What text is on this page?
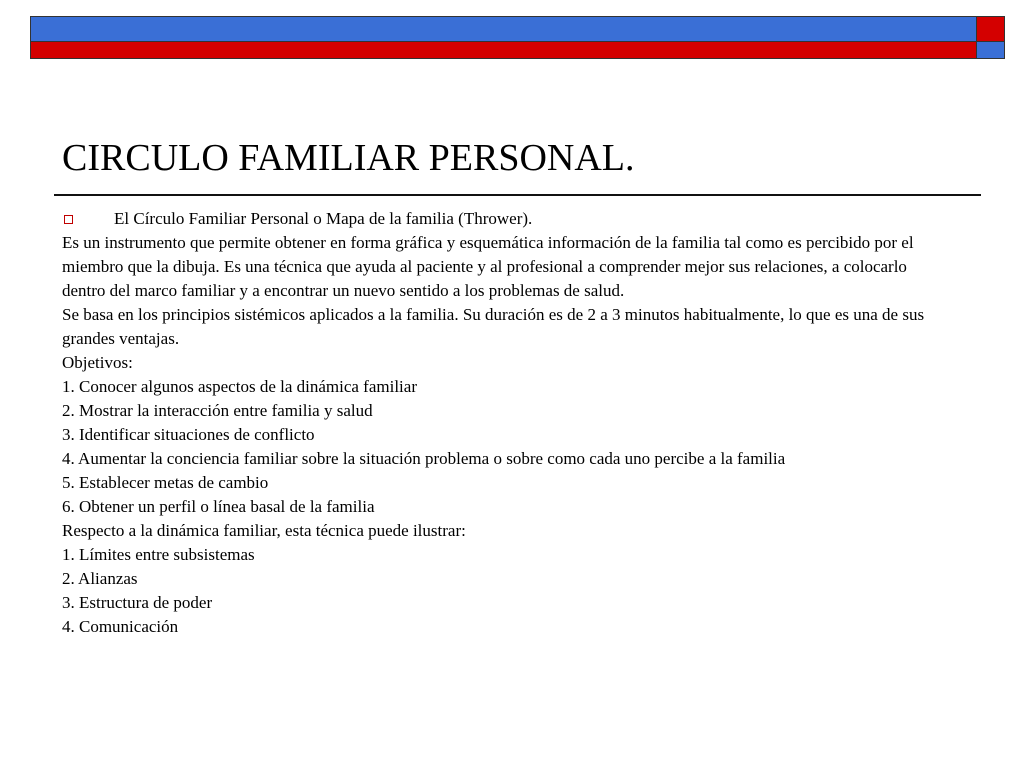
CIRCULO FAMILIAR PERSONAL.
El Círculo Familiar Personal o Mapa de la familia (Thrower).

Es un instrumento que permite obtener en forma gráfica y esquemática información de la familia tal como es percibido por el miembro que la dibuja. Es una técnica que ayuda al paciente y al profesional a comprender mejor sus relaciones, a colocarlo dentro del marco familiar y a encontrar un nuevo sentido a los problemas de salud.

Se basa en los principios sistémicos aplicados a la familia. Su duración es de 2 a 3 minutos habitualmente, lo que es una de sus grandes ventajas.

Objetivos:

1. Conocer algunos aspectos de la dinámica familiar

2. Mostrar la interacción entre familia y salud

3. Identificar situaciones de conflicto

4. Aumentar la conciencia familiar sobre la situación problema o sobre como cada uno percibe a la familia

5. Establecer metas de cambio

6. Obtener un perfil o línea basal de la familia

Respecto a la dinámica familiar, esta técnica puede ilustrar:

1. Límites entre subsistemas

2. Alianzas

3. Estructura de poder

4. Comunicación
